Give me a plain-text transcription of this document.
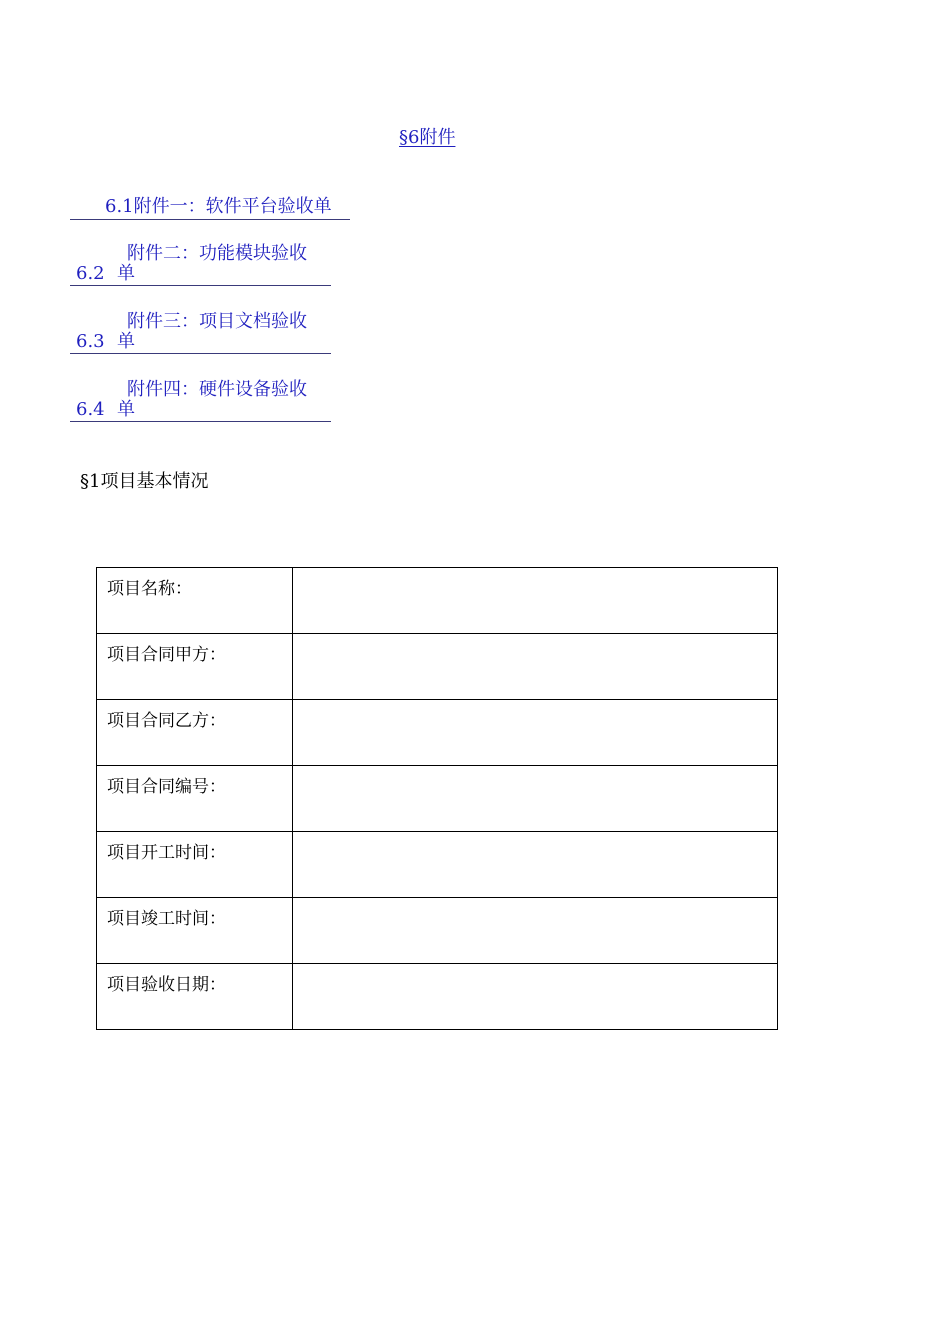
§6附件
6.1附件一：软件平台验收单
附件二：功能模块验收
6.2 单
附件三：项目文档验收
6.3 单
附件四：硬件设备验收
6.4 单
§1项目基本情况
项目名称：	

项目合同甲方：	

项目合同乙方：	

项目合同编号：	

项目开工时间：	

项目竣工时间：	

项目验收日期：	
